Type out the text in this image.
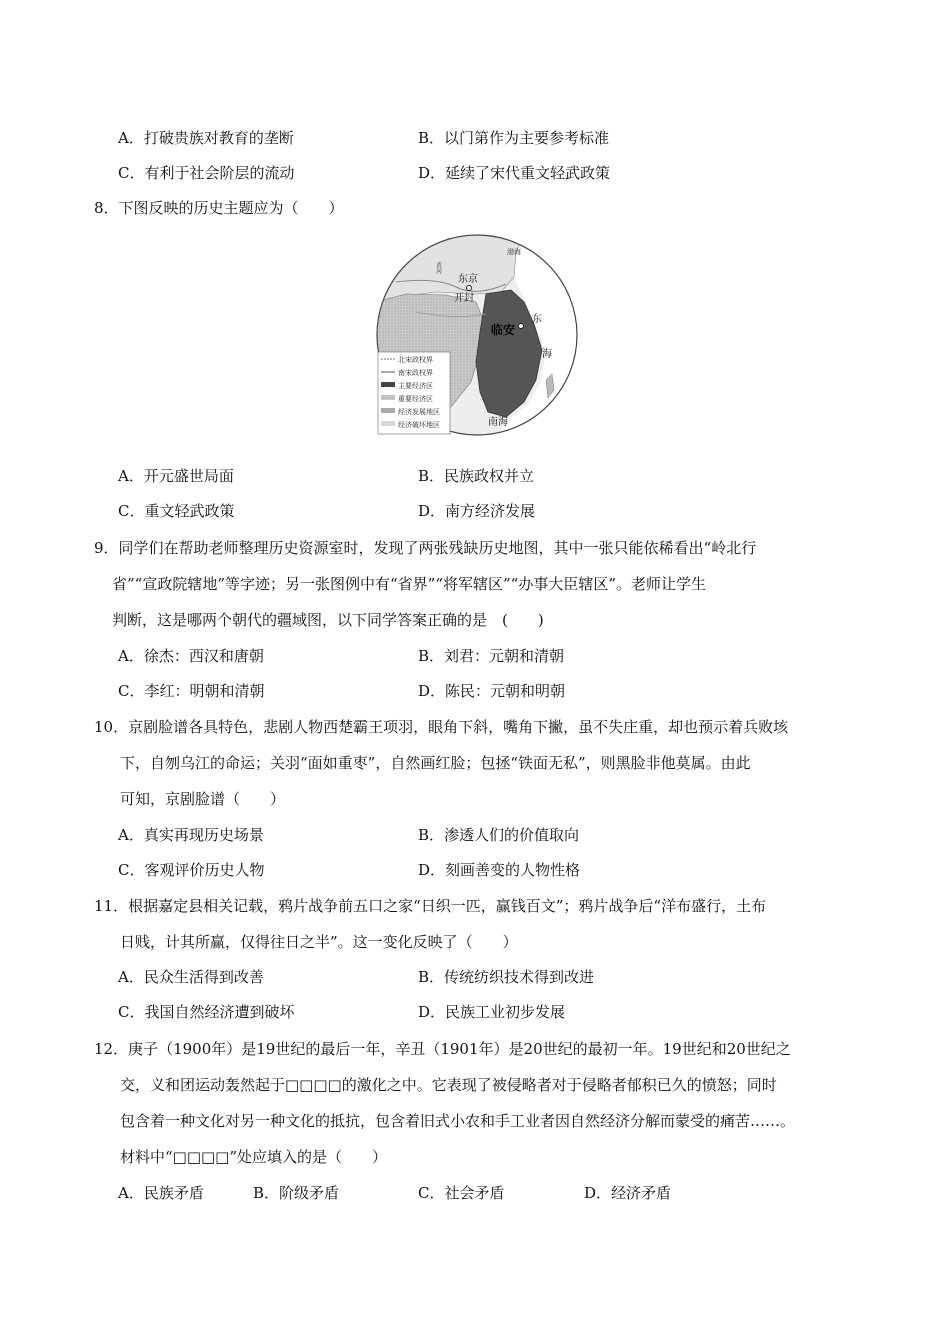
A．打破贵族对教育的垄断	B．以门第作为主要参考标准
C．有利于社会阶层的流动	D．延续了宋代重文轻武政策
8．下图反映的历史主题应为（　　）
渤海
黄河
东京
开封
东
临安
海
南海
北宋政权界
南宋政权界
主要经济区
重要经济区
经济发展地区
经济破坏地区
A．开元盛世局面	B．民族政权并立
C．重文轻武政策	D．南方经济发展
9．同学们在帮助老师整理历史资源室时，发现了两张残缺历史地图，其中一张只能依稀看出“岭北行
省”“宣政院辖地”等字迹；另一张图例中有“省界”“将军辖区”“办事大臣辖区”。老师让学生
判断，这是哪两个朝代的疆域图，以下同学答案正确的是　(　　)
A．徐杰：西汉和唐朝	B．刘君：元朝和清朝
C．李红：明朝和清朝	D．陈民：元朝和明朝
10．京剧脸谱各具特色，悲剧人物西楚霸王项羽，眼角下斜，嘴角下撇，虽不失庄重，却也预示着兵败垓
下，自刎乌江的命运；关羽“面如重枣”，自然画红脸；包拯“铁面无私”，则黑脸非他莫属。由此
可知，京剧脸谱（　　）
A．真实再现历史场景	B．渗透人们的价值取向
C．客观评价历史人物	D．刻画善变的人物性格
11．根据嘉定县相关记载，鸦片战争前五口之家“日织一匹，赢钱百文”；鸦片战争后“洋布盛行，土布
日贱，计其所赢，仅得往日之半”。这一变化反映了（　　）
A．民众生活得到改善	B．传统纺织技术得到改进
C．我国自然经济遭到破坏	D．民族工业初步发展
12．庚子（1900年）是19世纪的最后一年，辛丑（1901年）是20世纪的最初一年。19世纪和20世纪之
交，义和团运动轰然起于□□□□的激化之中。它表现了被侵略者对于侵略者郁积已久的愤怒；同时
包含着一种文化对另一种文化的抵抗，包含着旧式小农和手工业者因自然经济分解而蒙受的痛苦……。
材料中“□□□□”处应填入的是（　　）
A．民族矛盾	B．阶级矛盾	C．社会矛盾	D．经济矛盾
